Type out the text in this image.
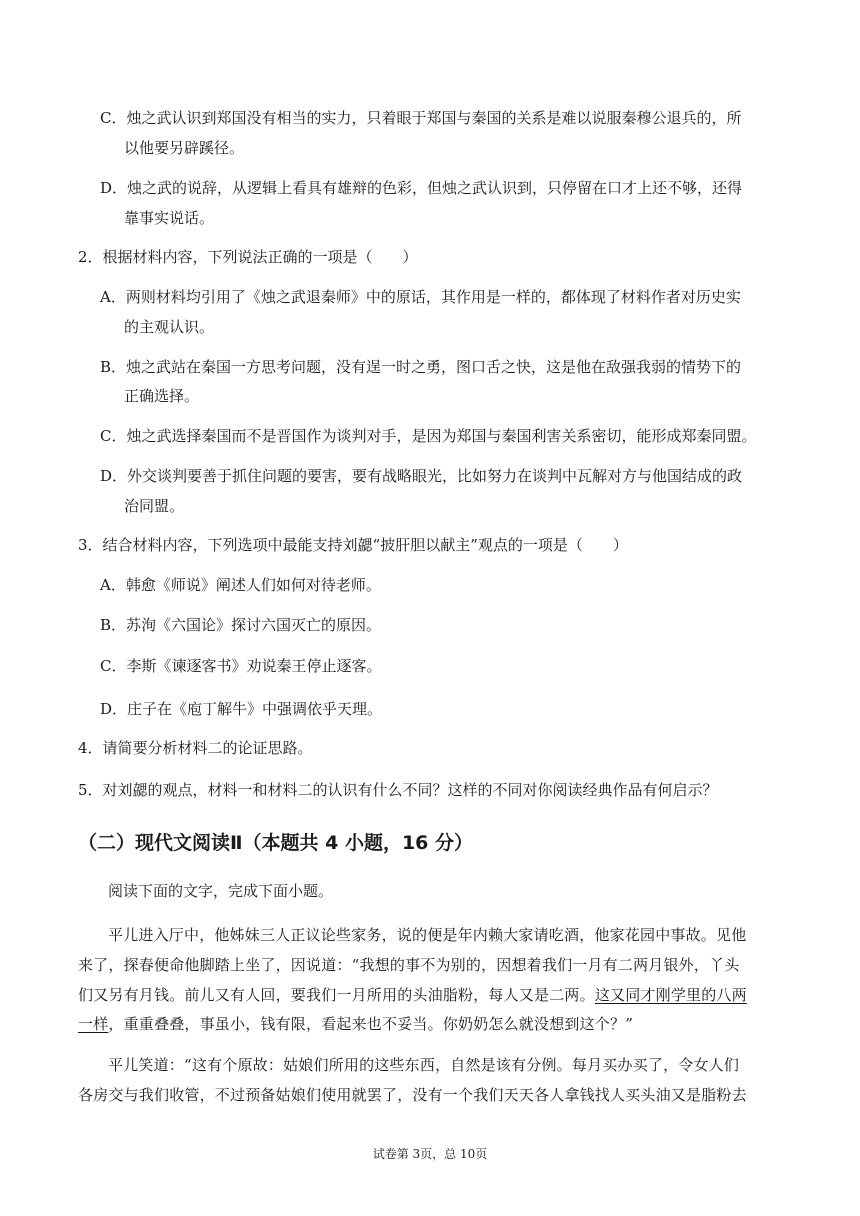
C．烛之武认识到郑国没有相当的实力，只着眼于郑国与秦国的关系是难以说服秦穆公退兵的，所
以他要另辟蹊径。
D．烛之武的说辞，从逻辑上看具有雄辩的色彩，但烛之武认识到，只停留在口才上还不够，还得
靠事实说话。
2．根据材料内容，下列说法正确的一项是（　　）
A．两则材料均引用了《烛之武退秦师》中的原话，其作用是一样的，都体现了材料作者对历史实
的主观认识。
B．烛之武站在秦国一方思考问题，没有逞一时之勇，图口舌之快，这是他在敌强我弱的情势下的
正确选择。
C．烛之武选择秦国而不是晋国作为谈判对手，是因为郑国与秦国利害关系密切，能形成郑秦同盟。
D．外交谈判要善于抓住问题的要害，要有战略眼光，比如努力在谈判中瓦解对方与他国结成的政
治同盟。
3．结合材料内容，下列选项中最能支持刘勰“披肝胆以献主”观点的一项是（　　）
A．韩愈《师说》阐述人们如何对待老师。
B．苏洵《六国论》探讨六国灭亡的原因。
C．李斯《谏逐客书》劝说秦王停止逐客。
D．庄子在《庖丁解牛》中强调依乎天理。
4．请简要分析材料二的论证思路。
5．对刘勰的观点，材料一和材料二的认识有什么不同？这样的不同对你阅读经典作品有何启示？
（二）现代文阅读Ⅱ（本题共 4 小题，16 分）
阅读下面的文字，完成下面小题。
平儿进入厅中，他姊妹三人正议论些家务，说的便是年内赖大家请吃酒，他家花园中事故。见他
来了，探春便命他脚踏上坐了，因说道：“我想的事不为别的，因想着我们一月有二两月银外，丫头
们又另有月钱。前儿又有人回，要我们一月所用的头油脂粉，每人又是二两。这又同才刚学里的八两
一样，重重叠叠，事虽小，钱有限，看起来也不妥当。你奶奶怎么就没想到这个？”
平儿笑道：“这有个原故：姑娘们所用的这些东西，自然是该有分例。每月买办买了，令女人们
各房交与我们收管，不过预备姑娘们使用就罢了，没有一个我们天天各人拿钱找人买头油又是脂粉去
试卷第 3页，总 10页
